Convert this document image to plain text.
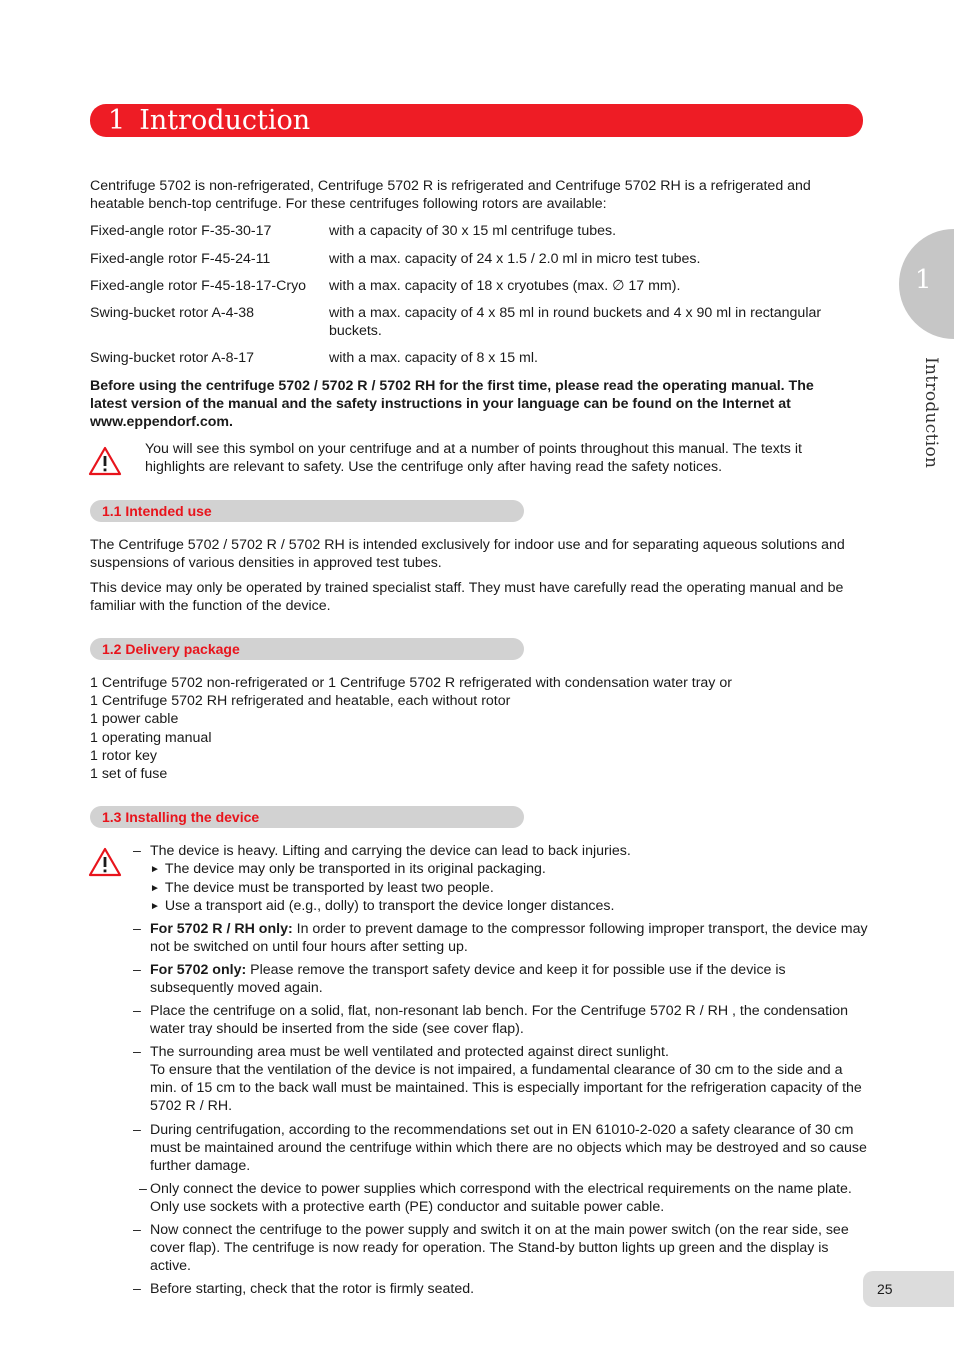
1 Introduction
1
Introduction
Centrifuge 5702 is non-refrigerated, Centrifuge 5702 R is refrigerated and Centrifuge 5702 RH is a refrigerated and heatable bench-top centrifuge. For these centrifuges following rotors are available:
Fixed-angle rotor F-35-30-17	with a capacity of 30 x 15 ml centrifuge tubes.
Fixed-angle rotor F-45-24-11	with a max. capacity of 24 x 1.5 / 2.0 ml in micro test tubes.
Fixed-angle rotor F-45-18-17-Cryo	with a max. capacity of 18 x cryotubes (max. ∅ 17 mm).
Swing-bucket rotor A-4-38	with a max. capacity of 4 x 85 ml in round buckets and 4 x 90 ml in rectangular buckets.
Swing-bucket rotor A-8-17	with a max. capacity of 8 x 15 ml.
Before using the centrifuge 5702 / 5702 R / 5702 RH for the first time, please read the operating manual. The latest version of the manual and the safety instructions in your language can be found on the Internet at www.eppendorf.com.
You will see this symbol on your centrifuge and at a number of points throughout this manual. The texts it highlights are relevant to safety. Use the centrifuge only after having read the safety notices.
1.1 Intended use
The Centrifuge 5702 / 5702 R / 5702 RH is intended exclusively for indoor use and for separating aqueous solutions and suspensions of various densities in approved test tubes.
This device may only be operated by trained specialist staff. They must have carefully read the operating manual and be familiar with the function of the device.
1.2 Delivery package
1 Centrifuge 5702 non-refrigerated or 1 Centrifuge 5702 R refrigerated with condensation water tray or
1 Centrifuge 5702 RH refrigerated and heatable, each without rotor
1 power cable
1 operating manual
1 rotor key
1 set of fuse
1.3 Installing the device
– The device is heavy. Lifting and carrying the device can lead to back injuries.
► The device may only be transported in its original packaging.
► The device must be transported by least two people.
► Use a transport aid (e.g., dolly) to transport the device longer distances.
– For 5702 R / RH only: In order to prevent damage to the compressor following improper transport, the device may not be switched on until four hours after setting up.
– For 5702 only: Please remove the transport safety device and keep it for possible use if the device is subsequently moved again.
– Place the centrifuge on a solid, flat, non-resonant lab bench. For the Centrifuge 5702 R / RH , the condensation water tray should be inserted from the side (see cover flap).
– The surrounding area must be well ventilated and protected against direct sunlight.
To ensure that the ventilation of the device is not impaired, a fundamental clearance of 30 cm to the side and a min. of 15 cm to the back wall must be maintained. This is especially important for the refrigeration capacity of the 5702 R / RH.
– During centrifugation, according to the recommendations set out in EN 61010-2-020 a safety clearance of 30 cm must be maintained around the centrifuge within which there are no objects which may be destroyed and so cause further damage.
– Only connect the device to power supplies which correspond with the electrical requirements on the name plate. Only use sockets with a protective earth (PE) conductor and suitable power cable.
– Now connect the centrifuge to the power supply and switch it on at the main power switch (on the rear side, see cover flap). The centrifuge is now ready for operation. The Stand-by button lights up green and the display is active.
– Before starting, check that the rotor is firmly seated.	25
